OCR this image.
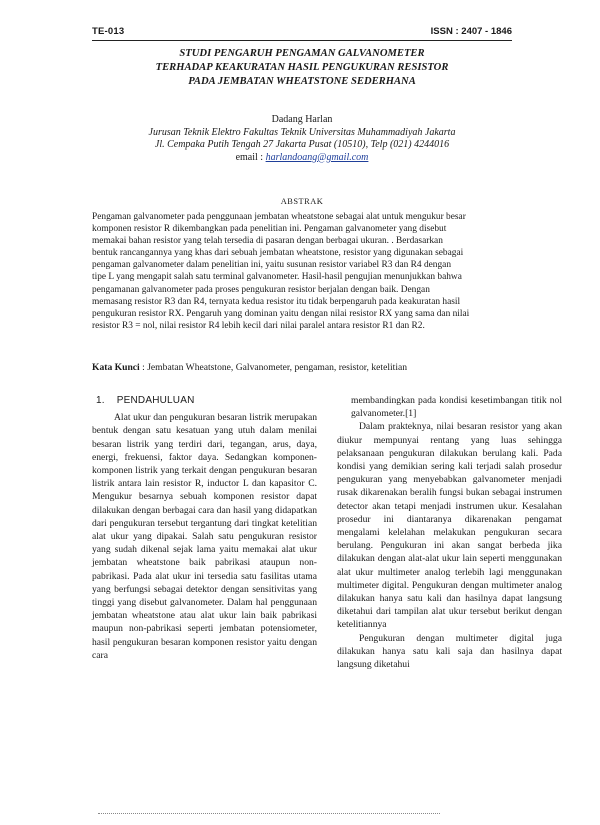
TE-013	ISSN : 2407 - 1846
STUDI PENGARUH PENGAMAN GALVANOMETER
TERHADAP KEAKURATAN HASIL PENGUKURAN RESISTOR
PADA JEMBATAN WHEATSTONE SEDERHANA
Dadang Harlan
Jurusan Teknik Elektro Fakultas Teknik Universitas Muhammadiyah Jakarta
Jl. Cempaka Putih Tengah 27 Jakarta Pusat (10510), Telp (021) 4244016
email : harlandoang@gmail.com
ABSTRAK
Pengaman galvanometer pada penggunaan jembatan wheatstone sebagai alat untuk mengukur besar
komponen resistor R dikembangkan pada penelitian ini. Pengaman galvanometer yang disebut
memakai bahan resistor yang telah tersedia di pasaran dengan berbagai ukuran. . Berdasarkan
bentuk rancangannya yang khas dari sebuah jembatan wheatstone, resistor yang digunakan sebagai
pengaman galvanometer dalam penelitian ini, yaitu susunan resistor variabel R3 dan R4 dengan
tipe L yang mengapit salah satu terminal galvanometer. Hasil-hasil pengujian menunjukkan bahwa
pengamanan galvanometer pada proses pengukuran resistor berjalan dengan baik. Dengan
memasang resistor R3 dan R4, ternyata kedua resistor itu tidak berpengaruh pada keakuratan hasil
pengukuran resistor RX. Pengaruh yang dominan yaitu dengan nilai resistor RX yang sama dan nilai
resistor R3 = nol, nilai resistor R4 lebih kecil dari nilai paralel antara resistor R1 dan R2.
Kata Kunci : Jembatan Wheatstone, Galvanometer, pengaman, resistor, ketelitian
1. PENDAHULUAN

Alat ukur dan pengukuran besaran listrik merupakan bentuk dengan satu kesatuan yang utuh dalam menilai besaran listrik yang terdiri dari, tegangan, arus, daya, energi, frekuensi, faktor daya. Sedangkan komponen-komponen listrik yang terkait dengan pengukuran besaran listrik antara lain resistor R, inductor L dan kapasitor C. Mengukur besarnya sebuah komponen resistor dapat dilakukan dengan berbagai cara dan hasil yang didapatkan dari pengukuran tersebut tergantung dari tingkat ketelitian alat ukur yang dipakai. Salah satu pengukuran resistor yang sudah dikenal sejak lama yaitu memakai alat ukur jembatan wheatstone baik pabrikasi ataupun non-pabrikasi. Pada alat ukur ini tersedia satu fasilitas utama yang berfungsi sebagai detektor dengan sensitivitas yang tinggi yang disebut galvanometer. Dalam hal penggunaan jembatan wheatstone atau alat ukur lain baik pabrikasi maupun non-pabrikasi seperti jembatan potensiometer, hasil pengukuran besaran komponen resistor yaitu dengan cara

membandingkan pada kondisi kesetimbangan titik nol galvanometer.[1]

Dalam prakteknya, nilai besaran resistor yang akan diukur mempunyai rentang yang luas sehingga pelaksanaan pengukuran dilakukan berulang kali. Pada kondisi yang demikian sering kali terjadi salah prosedur pengukuran yang menyebabkan galvanometer menjadi rusak dikarenakan beralih fungsi bukan sebagai instrumen detector akan tetapi menjadi instrumen ukur. Kesalahan prosedur ini diantaranya dikarenakan pengamat mengalami kelelahan melakukan pengukuran secara berulang. Pengukuran ini akan sangat berbeda jika dilakukan dengan alat-alat ukur lain seperti menggunakan alat ukur multimeter analog terlebih lagi menggunakan multimeter digital. Pengukuran dengan multimeter analog dilakukan hanya satu kali dan hasilnya dapat langsung diketahui dari tampilan alat ukur tersebut berikut dengan ketelitiannya

Pengukuran dengan multimeter digital juga dilakukan hanya satu kali saja dan hasilnya dapat langsung diketahui
